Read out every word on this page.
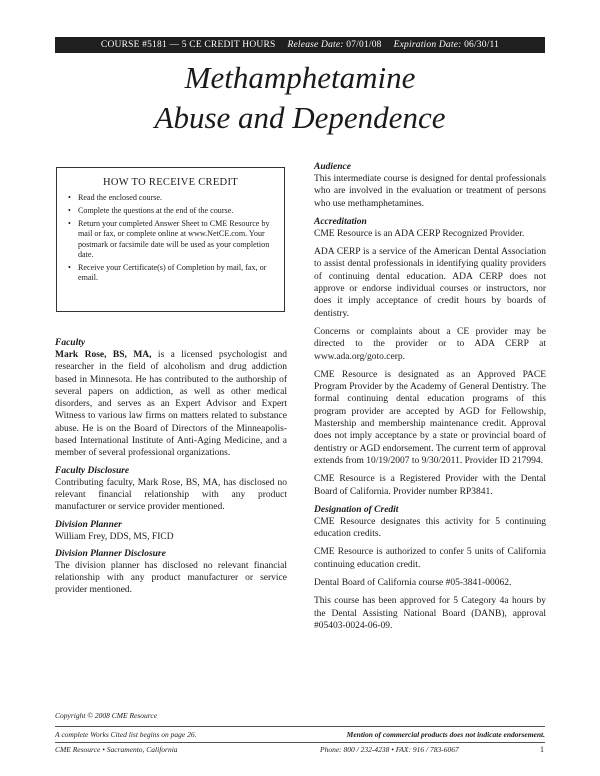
COURSE #5181 — 5 CE CREDIT HOURS Release Date:
07/01/08 Expiration Date:
06/30/11
Methamphetamine
Abuse and Dependence
HOW TO RECEIVE CREDIT
• Read the enclosed course.
• Complete the questions at the end of the course.
• Return your completed Answer Sheet to CME Resource by mail or fax, or complete online at www.NetCE.com. Your postmark or facsimile date will be used as your completion date.
• Receive your Certificate(s) of Completion by mail, fax, or email.
Faculty
Mark Rose, BS, MA, is a licensed psychologist and researcher in the field of alcoholism and drug addiction based in Minnesota. He has contributed to the authorship of several papers on addiction, as well as other medical disorders, and serves as an Expert Advisor and Expert Witness to various law firms on matters related to substance abuse. He is on the Board of Directors of the Minneapolis-based International Institute of Anti-Aging Medicine, and a member of several professional organizations.
Faculty Disclosure
Contributing faculty, Mark Rose, BS, MA, has disclosed no relevant financial relationship with any product manufacturer or service provider mentioned.
Division Planner
William Frey, DDS, MS, FICD
Division Planner Disclosure
The division planner has disclosed no relevant financial relationship with any product manufacturer or service provider mentioned.
Audience
This intermediate course is designed for dental professionals who are involved in the evaluation or treatment of persons who use methamphetamines.
Accreditation
CME Resource is an ADA CERP Recognized Provider.
ADA CERP is a service of the American Dental Association to assist dental professionals in identifying quality providers of continuing dental education. ADA CERP does not approve or endorse individual courses or instructors, nor does it imply acceptance of credit hours by boards of dentistry.
Concerns or complaints about a CE provider may be directed to the provider or to ADA CERP at www.ada.org/goto.cerp.
CME Resource is designated as an Approved PACE Program Provider by the Academy of General Dentistry. The formal continuing dental education programs of this program provider are accepted by AGD for Fellowship, Mastership and membership maintenance credit. Approval does not imply acceptance by a state or provincial board of dentistry or AGD endorsement. The current term of approval extends from 10/19/2007 to 9/30/2011. Provider ID 217994.
CME Resource is a Registered Provider with the Dental Board of California. Provider number RP3841.
Designation of Credit
CME Resource designates this activity for 5 continuing education credits.
CME Resource is authorized to confer 5 units of California continuing education credit.
Dental Board of California course #05-3841-00062.
This course has been approved for 5 Category 4a hours by the Dental Assisting National Board (DANB), approval #05403-0024-06-09.
Copyright © 2008 CME Resource
A complete Works Cited list begins on page 26.	Mention of commercial products does not indicate endorsement.
CME Resource • Sacramento, California	Phone: 800 / 232-4238 • FAX: 916 / 783-6067	1
